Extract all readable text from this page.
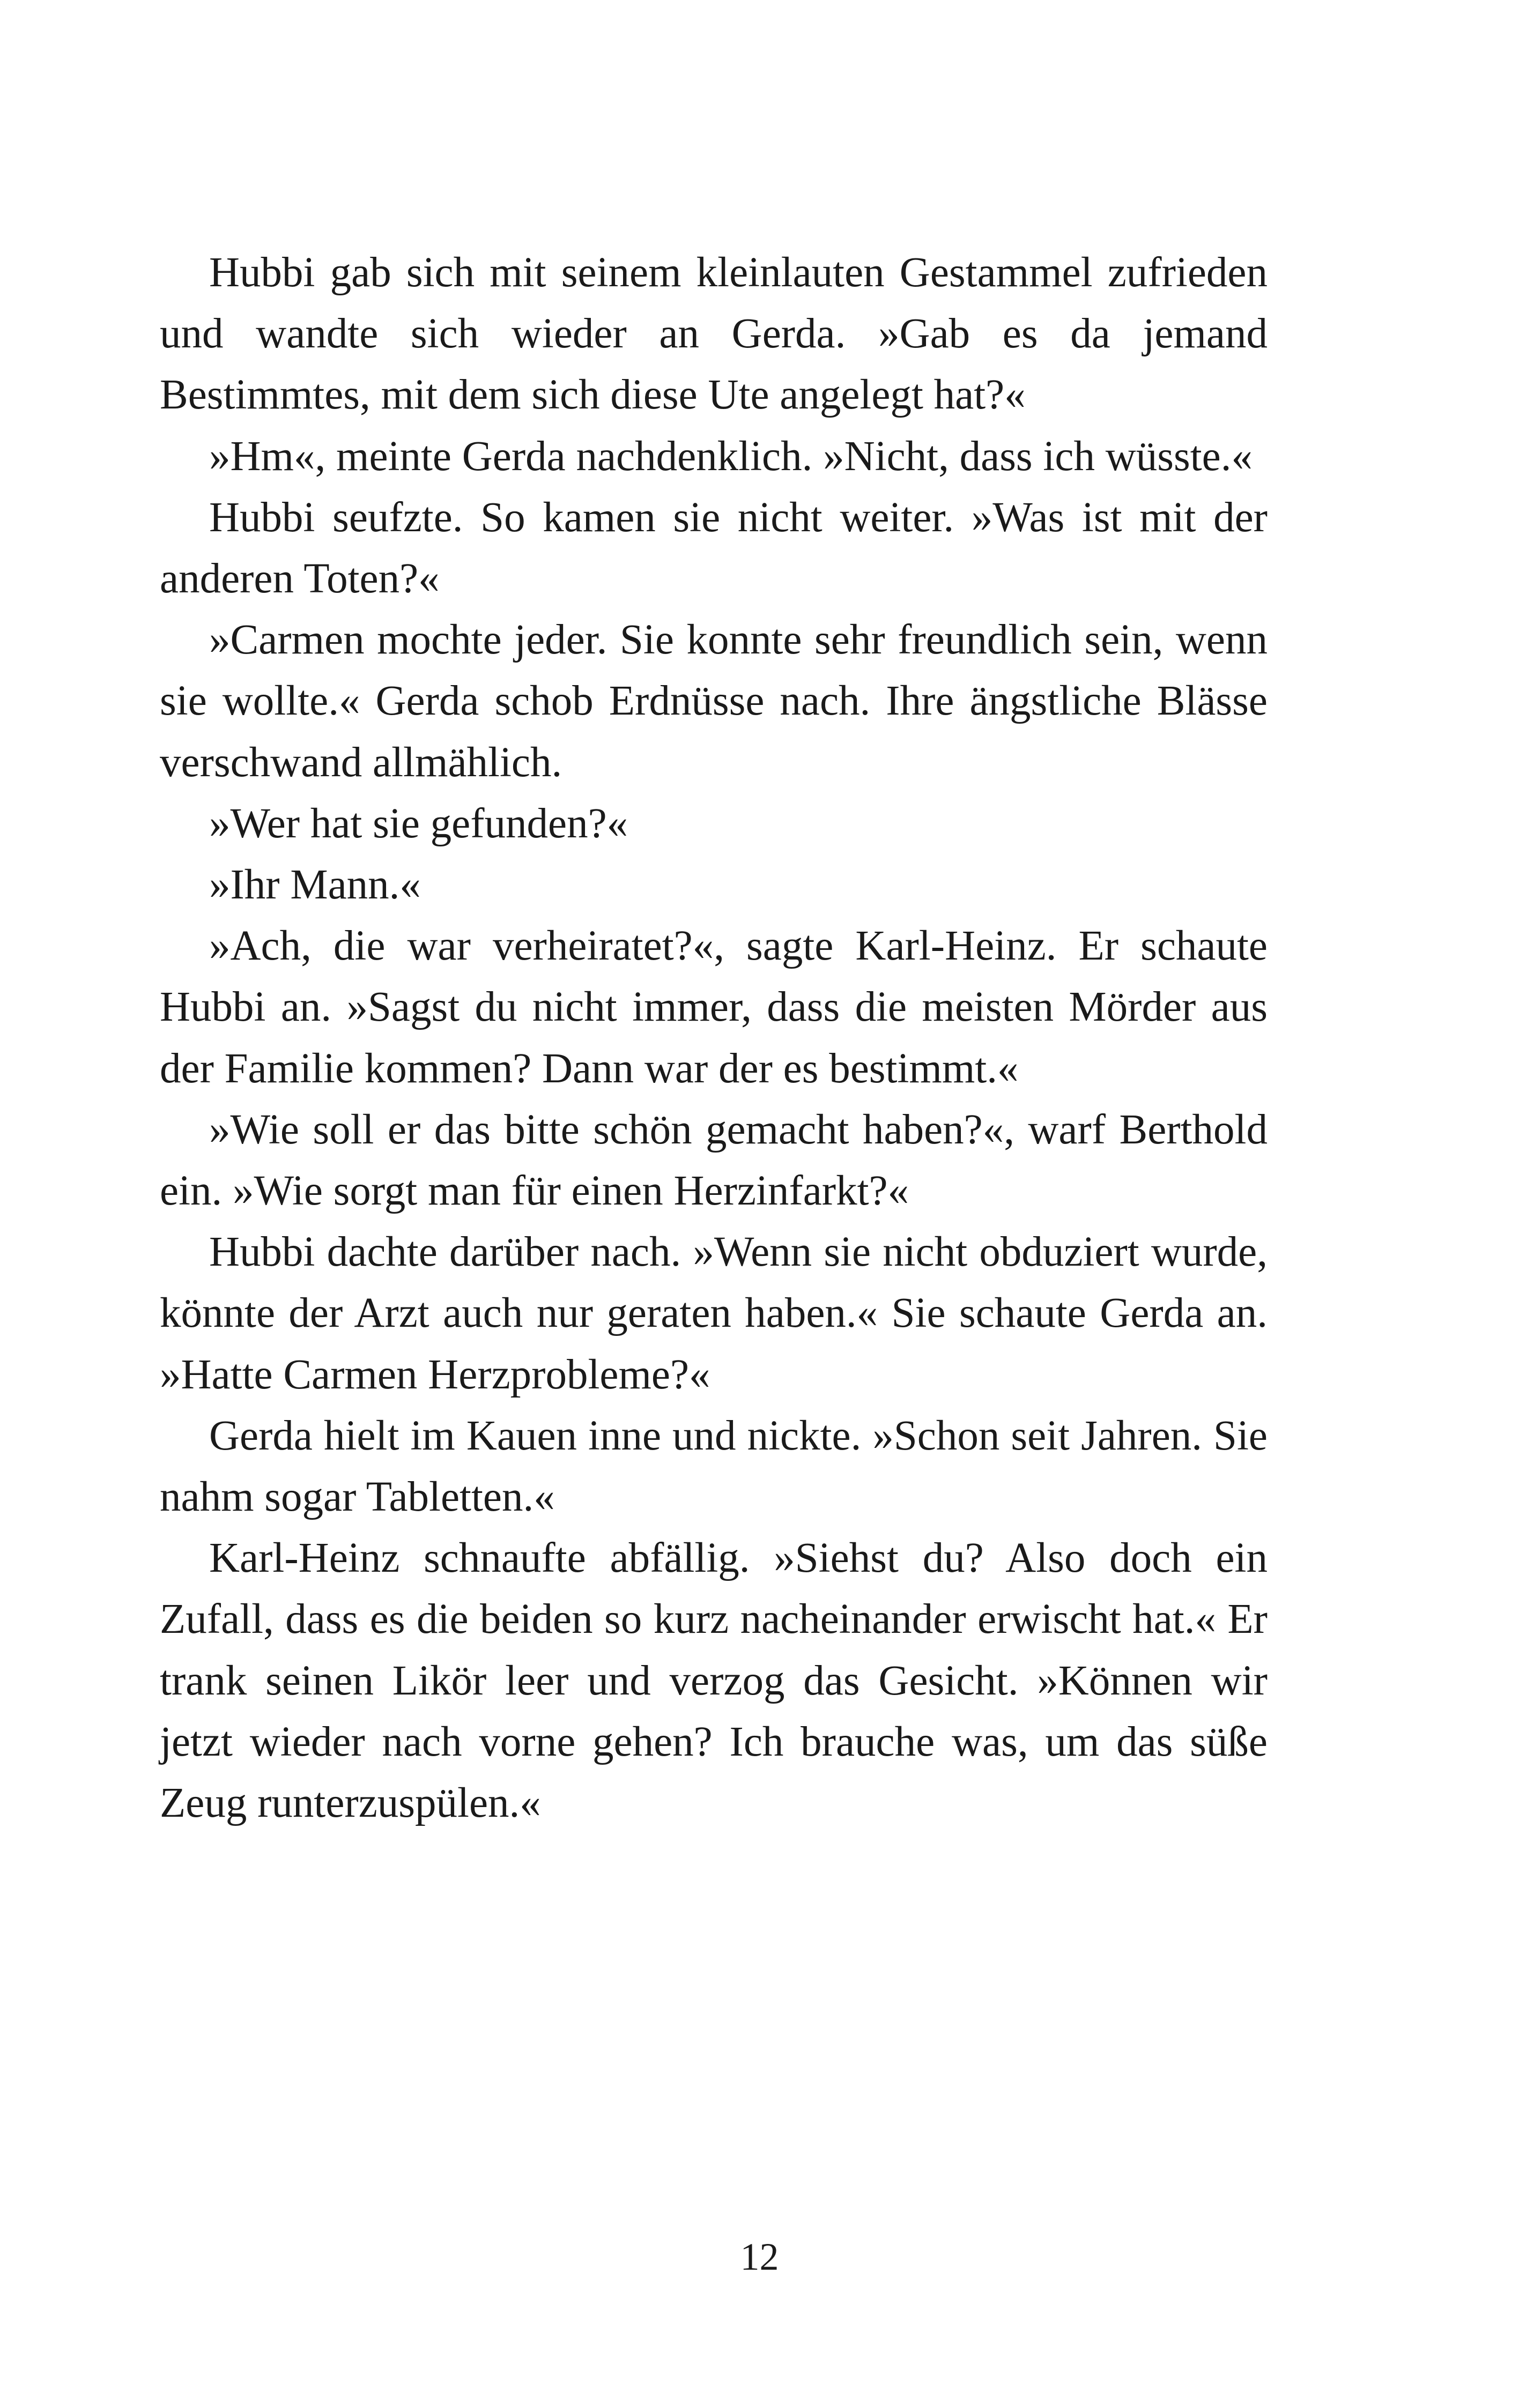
Hubbi gab sich mit seinem kleinlauten Gestammel zufrieden und wandte sich wieder an Gerda. »Gab es da jemand Bestimmtes, mit dem sich diese Ute angelegt hat?«

»Hm«, meinte Gerda nachdenklich. »Nicht, dass ich wüsste.«

Hubbi seufzte. So kamen sie nicht weiter. »Was ist mit der anderen Toten?«

»Carmen mochte jeder. Sie konnte sehr freundlich sein, wenn sie wollte.« Gerda schob Erdnüsse nach. Ihre ängstliche Blässe verschwand allmählich.

»Wer hat sie gefunden?«

»Ihr Mann.«

»Ach, die war verheiratet?«, sagte Karl-Heinz. Er schaute Hubbi an. »Sagst du nicht immer, dass die meisten Mörder aus der Familie kommen? Dann war der es bestimmt.«

»Wie soll er das bitte schön gemacht haben?«, warf Berthold ein. »Wie sorgt man für einen Herzinfarkt?«

Hubbi dachte darüber nach. »Wenn sie nicht obduziert wurde, könnte der Arzt auch nur geraten haben.« Sie schaute Gerda an. »Hatte Carmen Herzprobleme?«

Gerda hielt im Kauen inne und nickte. »Schon seit Jahren. Sie nahm sogar Tabletten.«

Karl-Heinz schnaufte abfällig. »Siehst du? Also doch ein Zufall, dass es die beiden so kurz nacheinander erwischt hat.« Er trank seinen Likör leer und verzog das Gesicht. »Können wir jetzt wieder nach vorne gehen? Ich brauche was, um das süße Zeug runterzuspülen.«

12
